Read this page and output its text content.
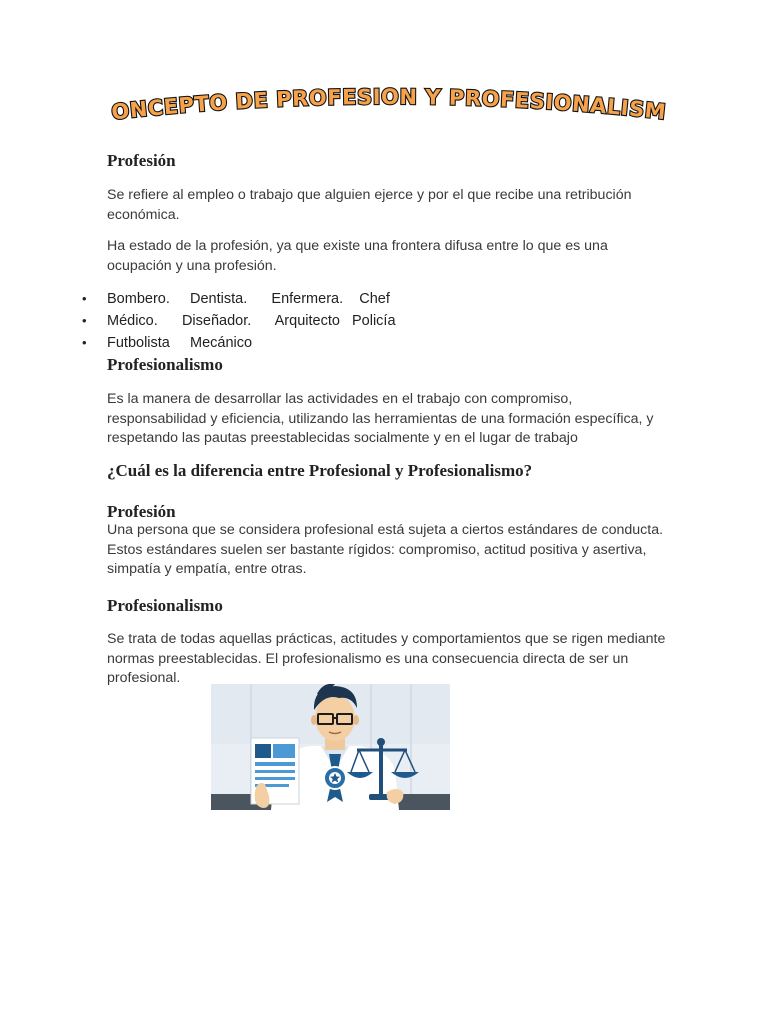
CONCEPTO DE PROFESION Y PROFESIONALISMO
Profesión

Se refiere al empleo o trabajo que alguien ejerce y por el que recibe una retribución económica.

Ha estado de la profesión, ya que existe una frontera difusa entre lo que es una ocupación y una profesión.

• Bombero.     Dentista.      Enfermera.    Chef
• Médico.      Diseñador.      Arquitecto   Policía
• Futbolista     Mecánico
Profesionalismo

Es la manera de desarrollar las actividades en el trabajo con compromiso, responsabilidad y eficiencia, utilizando las herramientas de una formación específica, y respetando las pautas preestablecidas socialmente y en el lugar de trabajo

¿Cuál es la diferencia entre Profesional y Profesionalismo?
Profesión

Una persona que se considera profesional está sujeta a ciertos estándares de conducta. Estos estándares suelen ser bastante rígidos: compromiso, actitud positiva y asertiva, simpatía y empatía, entre otras.

Profesionalismo

Se trata de todas aquellas prácticas, actitudes y comportamientos que se rigen mediante normas preestablecidas. El profesionalismo es una consecuencia directa de ser un profesional.
